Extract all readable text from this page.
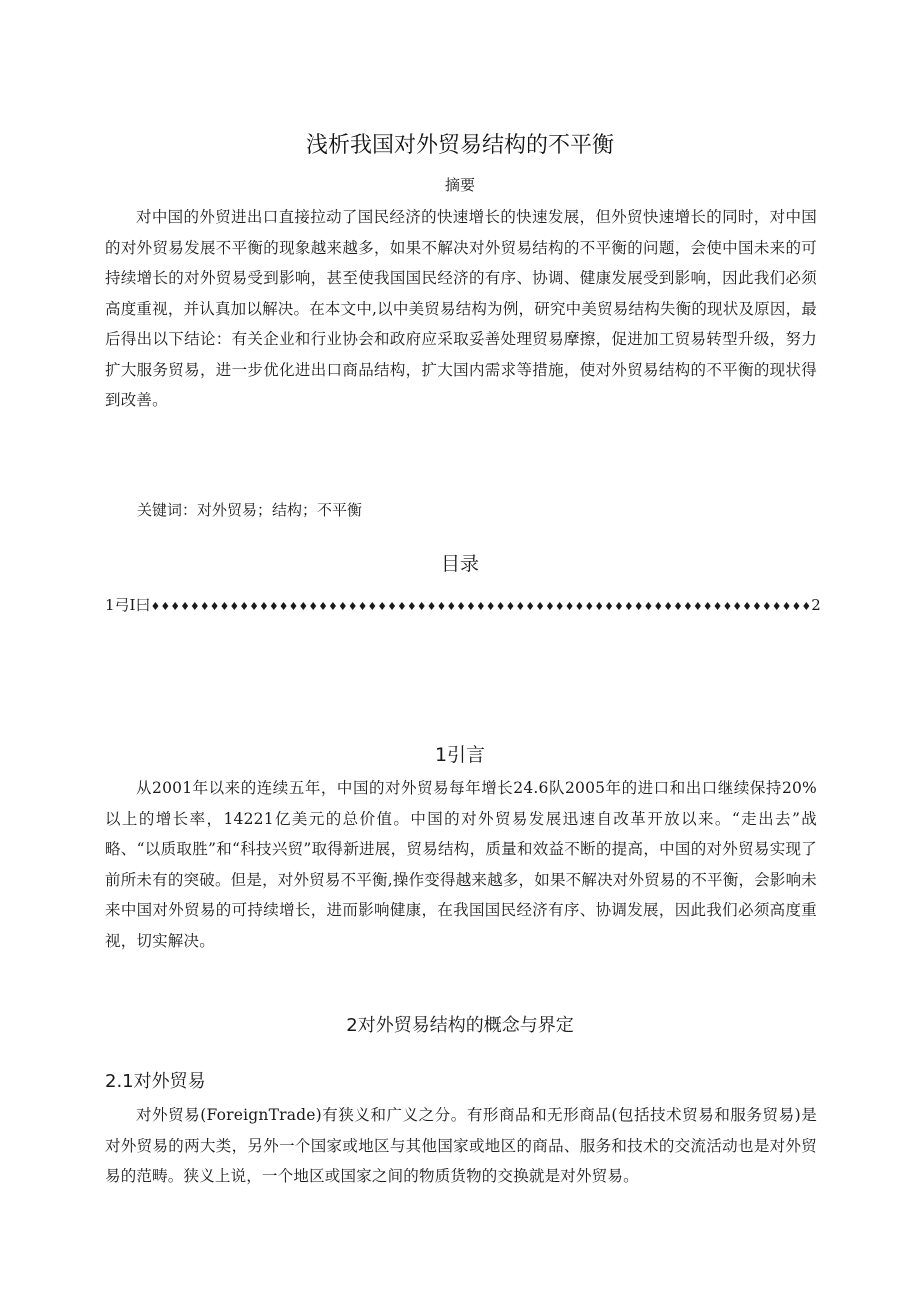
浅析我国对外贸易结构的不平衡
摘要

对中国的外贸进出口直接拉动了国民经济的快速增长的快速发展，但外贸快速增长的同时，对中国的对外贸易发展不平衡的现象越来越多，如果不解决对外贸易结构的不平衡的问题，会使中国未来的可持续增长的对外贸易受到影响，甚至使我国国民经济的有序、协调、健康发展受到影响，因此我们必须高度重视，并认真加以解决。在本文中,以中美贸易结构为例，研究中美贸易结构失衡的现状及原因，最后得出以下结论：有关企业和行业协会和政府应采取妥善处理贸易摩擦，促进加工贸易转型升级，努力扩大服务贸易，进一步优化进出口商品结构，扩大国内需求等措施，使对外贸易结构的不平衡的现状得到改善。

关键词：对外贸易；结构；不平衡
目录
1弓I曰♦♦♦♦♦♦♦♦♦♦♦♦♦♦♦♦♦♦♦♦♦♦♦♦♦♦♦♦♦♦♦♦♦♦♦♦♦♦♦♦♦♦♦♦♦♦♦♦♦♦♦♦♦♦♦♦♦♦♦♦♦♦♦♦♦♦♦2
1引言

从2001年以来的连续五年，中国的对外贸易每年增长24.6队2005年的进口和出口继续保持20%以上的增长率，14221亿美元的总价值。中国的对外贸易发展迅速自改革开放以来。“走出去”战略、“以质取胜”和“科技兴贸”取得新进展，贸易结构，质量和效益不断的提高，中国的对外贸易实现了前所未有的突破。但是，对外贸易不平衡,操作变得越来越多，如果不解决对外贸易的不平衡，会影响未来中国对外贸易的可持续增长，进而影响健康，在我国国民经济有序、协调发展，因此我们必须高度重视，切实解决。

2对外贸易结构的概念与界定
2.1对外贸易

对外贸易(ForeignTrade)有狭义和广义之分。有形商品和无形商品(包括技术贸易和服务贸易)是对外贸易的两大类，另外一个国家或地区与其他国家或地区的商品、服务和技术的交流活动也是对外贸易的范畴。狭义上说，一个地区或国家之间的物质货物的交换就是对外贸易。
